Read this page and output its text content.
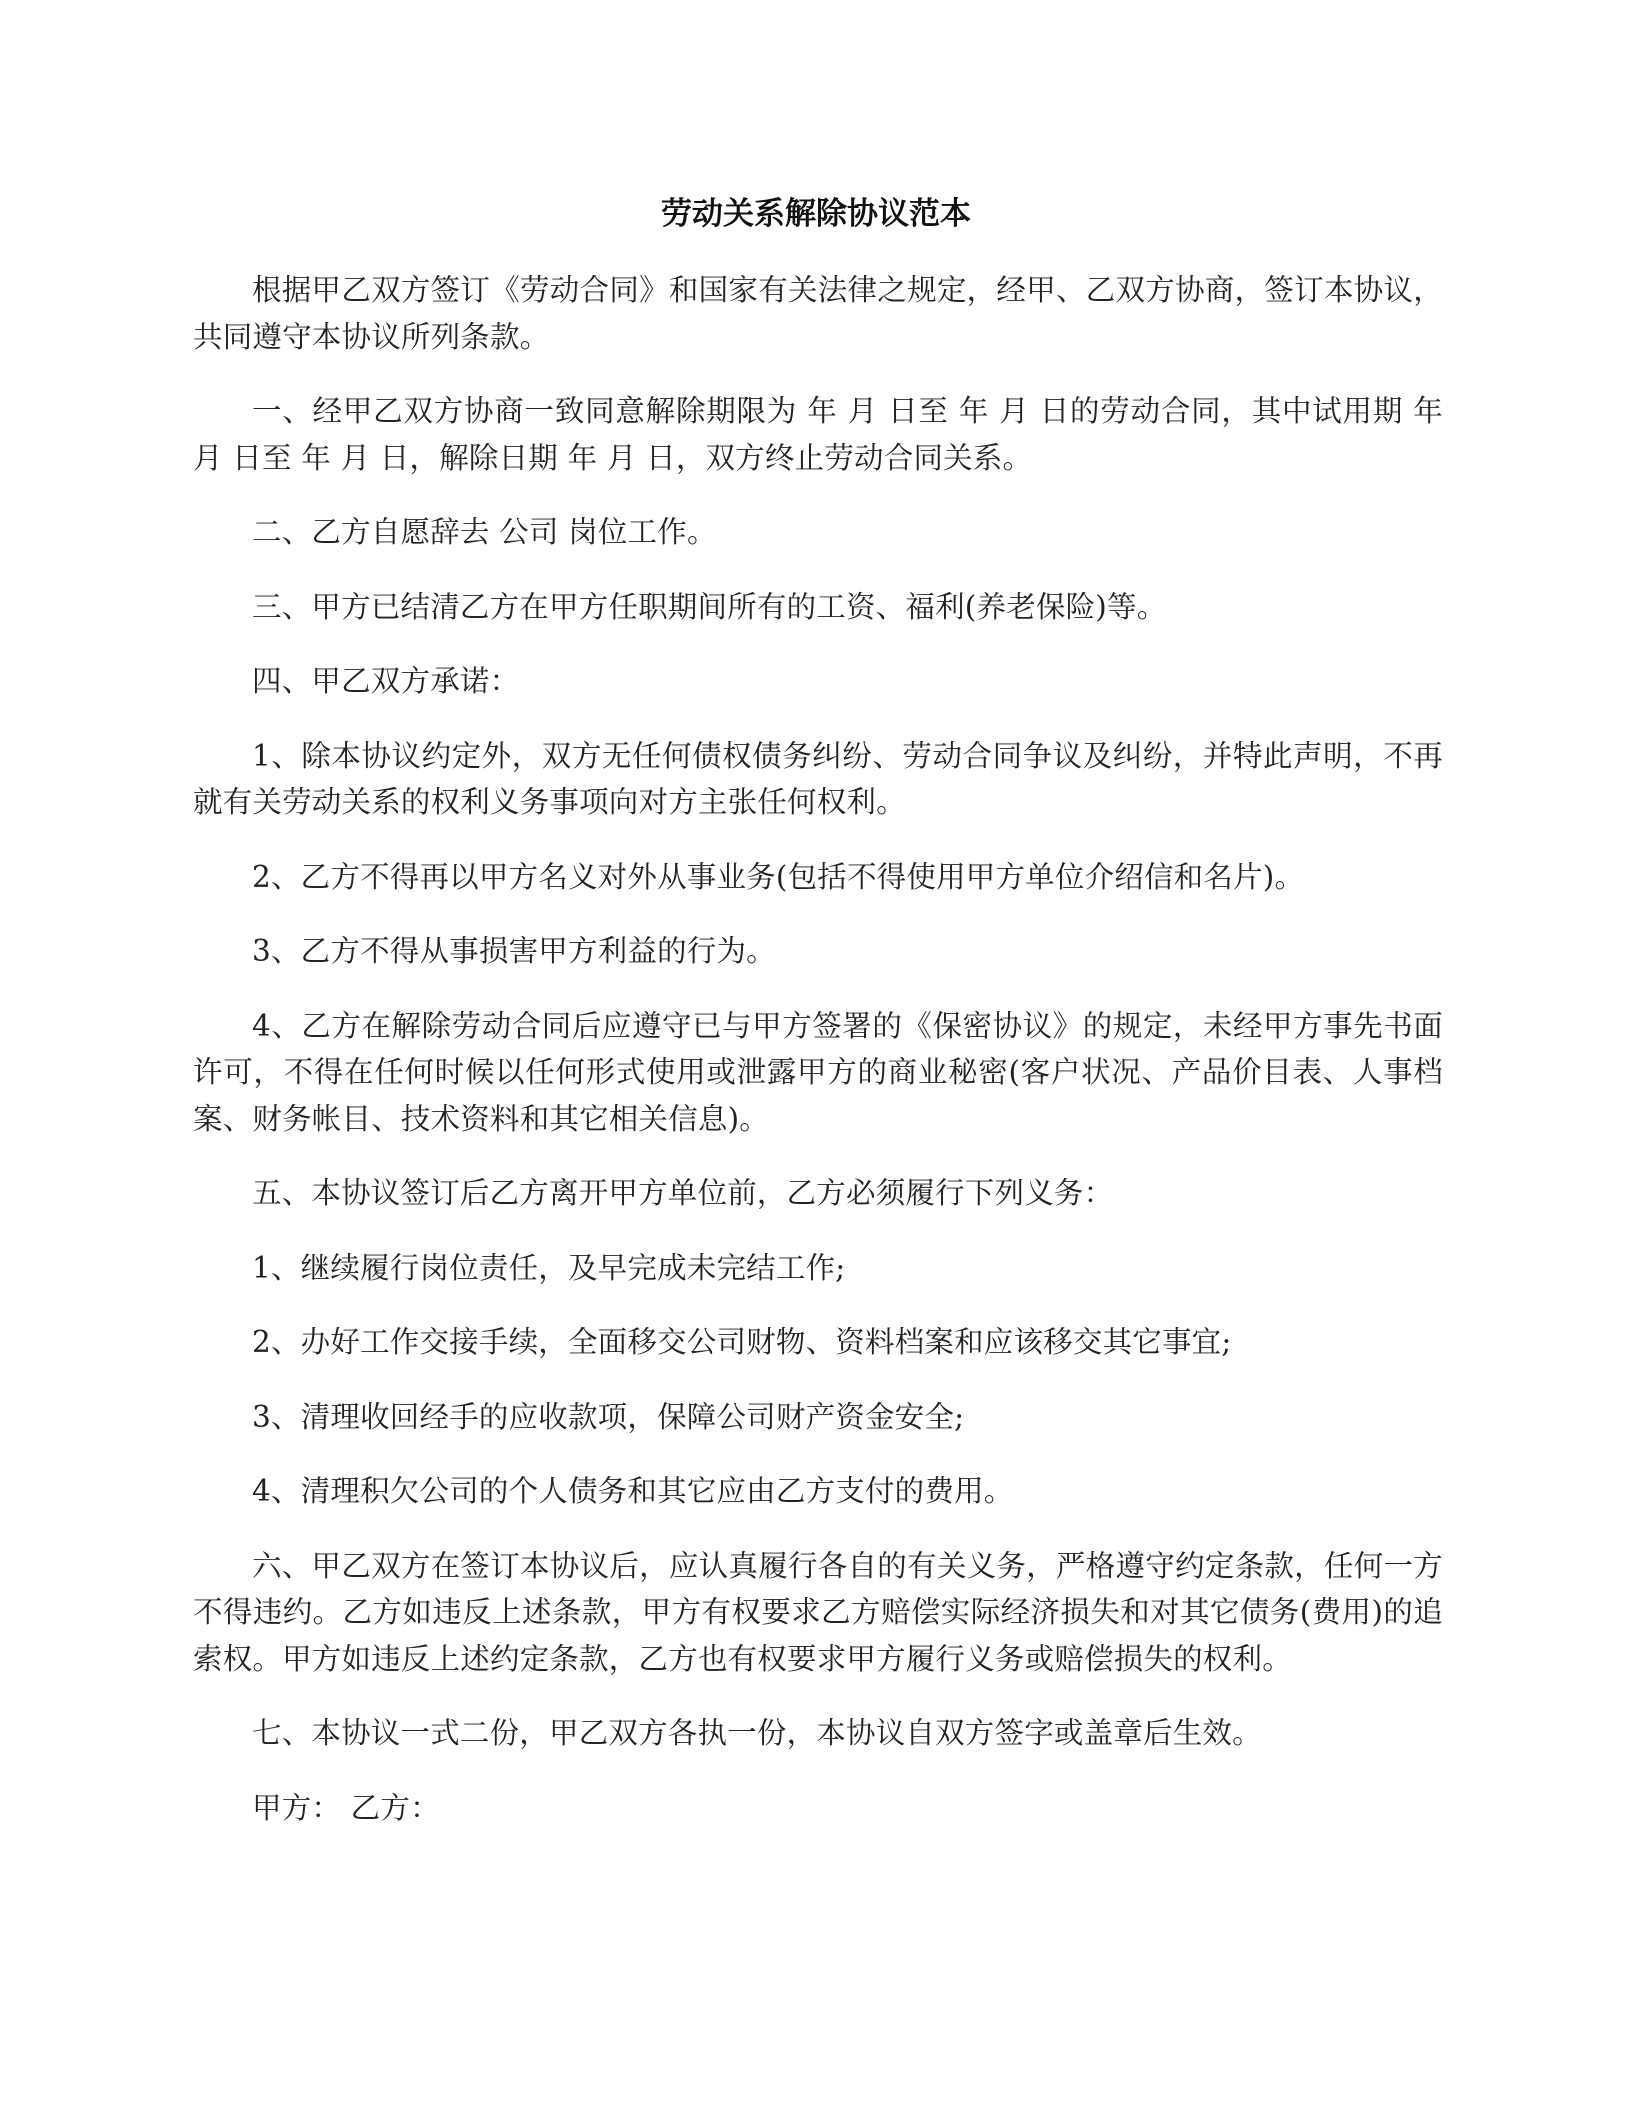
劳动关系解除协议范本

根据甲乙双方签订《劳动合同》和国家有关法律之规定，经甲、乙双方协商，签订本协议，共同遵守本协议所列条款。

一、经甲乙双方协商一致同意解除期限为 年 月 日至 年 月 日的劳动合同，其中试用期 年 月 日至 年 月 日，解除日期 年 月 日，双方终止劳动合同关系。

二、乙方自愿辞去 公司 岗位工作。

三、甲方已结清乙方在甲方任职期间所有的工资、福利(养老保险)等。

四、甲乙双方承诺：

1、除本协议约定外，双方无任何债权债务纠纷、劳动合同争议及纠纷，并特此声明，不再就有关劳动关系的权利义务事项向对方主张任何权利。

2、乙方不得再以甲方名义对外从事业务(包括不得使用甲方单位介绍信和名片)。

3、乙方不得从事损害甲方利益的行为。

4、乙方在解除劳动合同后应遵守已与甲方签署的《保密协议》的规定，未经甲方事先书面许可，不得在任何时候以任何形式使用或泄露甲方的商业秘密(客户状况、产品价目表、人事档案、财务帐目、技术资料和其它相关信息)。

五、本协议签订后乙方离开甲方单位前，乙方必须履行下列义务：

1、继续履行岗位责任，及早完成未完结工作;

2、办好工作交接手续，全面移交公司财物、资料档案和应该移交其它事宜;

3、清理收回经手的应收款项，保障公司财产资金安全;

4、清理积欠公司的个人债务和其它应由乙方支付的费用。

六、甲乙双方在签订本协议后，应认真履行各自的有关义务，严格遵守约定条款，任何一方不得违约。乙方如违反上述条款，甲方有权要求乙方赔偿实际经济损失和对其它债务(费用)的追索权。甲方如违反上述约定条款，乙方也有权要求甲方履行义务或赔偿损失的权利。

七、本协议一式二份，甲乙双方各执一份，本协议自双方签字或盖章后生效。

甲方： 乙方：
